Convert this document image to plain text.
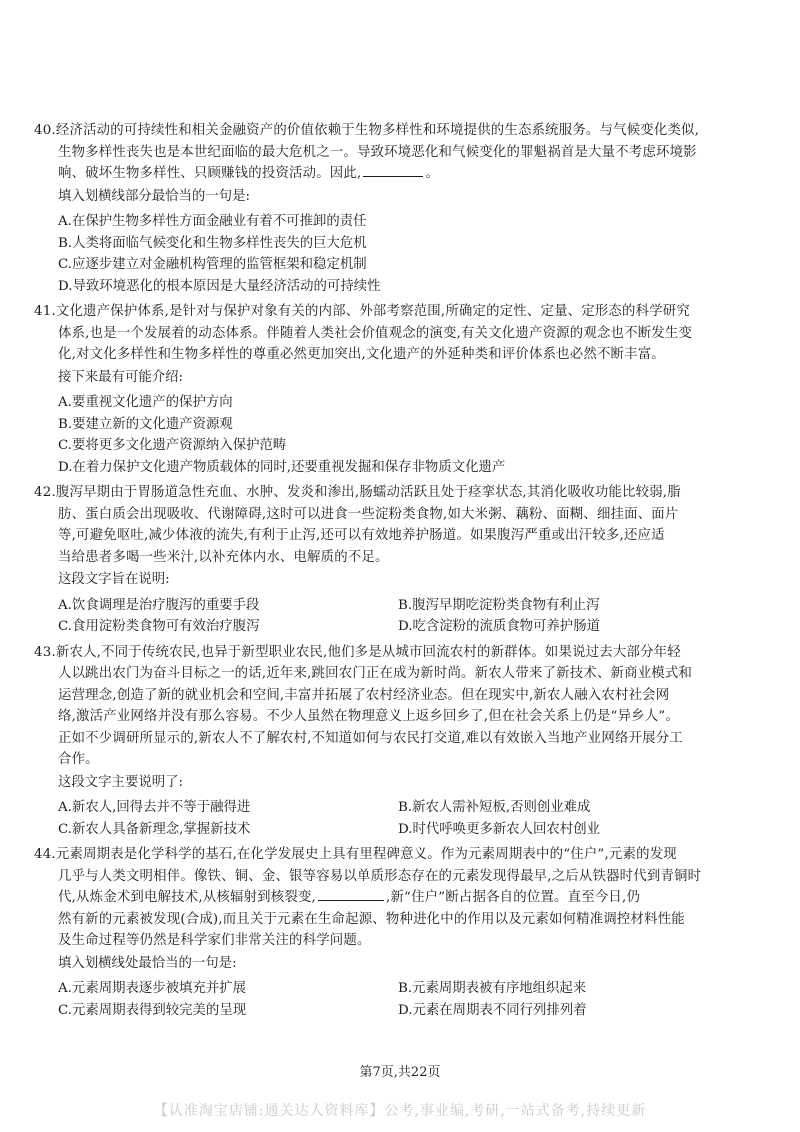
40.经济活动的可持续性和相关金融资产的价值依赖于生物多样性和环境提供的生态系统服务。与气候变化类似,
生物多样性丧失也是本世纪面临的最大危机之一。导致环境恶化和气候变化的罪魁祸首是大量不考虑环境影
响、破坏生物多样性、只顾赚钱的投资活动。因此,	。
填入划横线部分最恰当的一句是:
A.在保护生物多样性方面金融业有着不可推卸的责任
B.人类将面临气候变化和生物多样性丧失的巨大危机
C.应逐步建立对金融机构管理的监管框架和稳定机制
D.导致环境恶化的根本原因是大量经济活动的可持续性
41.文化遗产保护体系,是针对与保护对象有关的内部、外部考察范围,所确定的定性、定量、定形态的科学研究
体系,也是一个发展着的动态体系。伴随着人类社会价值观念的演变,有关文化遗产资源的观念也不断发生变
化,对文化多样性和生物多样性的尊重必然更加突出,文化遗产的外延种类和评价体系也必然不断丰富。
接下来最有可能介绍:
A.要重视文化遗产的保护方向
B.要建立新的文化遗产资源观
C.要将更多文化遗产资源纳入保护范畴
D.在着力保护文化遗产物质载体的同时,还要重视发掘和保存非物质文化遗产
42.腹泻早期由于胃肠道急性充血、水肿、发炎和渗出,肠蠕动活跃且处于痉挛状态,其消化吸收功能比较弱,脂
肪、蛋白质会出现吸收、代谢障碍,这时可以进食一些淀粉类食物,如大米粥、藕粉、面糊、细挂面、面片
等,可避免呕吐,减少体液的流失,有利于止泻,还可以有效地养护肠道。如果腹泻严重或出汗较多,还应适
当给患者多喝一些米汁,以补充体内水、电解质的不足。
这段文字旨在说明:
A.饮食调理是治疗腹泻的重要手段	B.腹泻早期吃淀粉类食物有利止泻
C.食用淀粉类食物可有效治疗腹泻	D.吃含淀粉的流质食物可养护肠道
43.新农人,不同于传统农民,也异于新型职业农民,他们多是从城市回流农村的新群体。如果说过去大部分年轻
人以跳出农门为奋斗目标之一的话,近年来,跳回农门正在成为新时尚。新农人带来了新技术、新商业模式和
运营理念,创造了新的就业机会和空间,丰富并拓展了农村经济业态。但在现实中,新农人融入农村社会网
络,激活产业网络并没有那么容易。不少人虽然在物理意义上返乡回乡了,但在社会关系上仍是“异乡人”。
正如不少调研所显示的,新农人不了解农村,不知道如何与农民打交道,难以有效嵌入当地产业网络开展分工
合作。
这段文字主要说明了:
A.新农人,回得去并不等于融得进	B.新农人需补短板,否则创业难成
C.新农人具备新理念,掌握新技术	D.时代呼唤更多新农人回农村创业
44.元素周期表是化学科学的基石,在化学发展史上具有里程碑意义。作为元素周期表中的“住户”,元素的发现
几乎与人类文明相伴。像铁、铜、金、银等容易以单质形态存在的元素发现得最早,之后从铁器时代到青铜时
代,从炼金术到电解技术,从核辐射到核裂变,	,新“住户”断占据各自的位置。直至今日,仍
然有新的元素被发现(合成),而且关于元素在生命起源、物种进化中的作用以及元素如何精准调控材料性能
及生命过程等仍然是科学家们非常关注的科学问题。
填入划横线处最恰当的一句是:
A.元素周期表逐步被填充并扩展	B.元素周期表被有序地组织起来
C.元素周期表得到较完美的呈现	D.元素在周期表不同行列排列着
第7页,共22页
【认准淘宝店铺:通关达人资料库】公考,事业编,考研,一站式备考,持续更新
